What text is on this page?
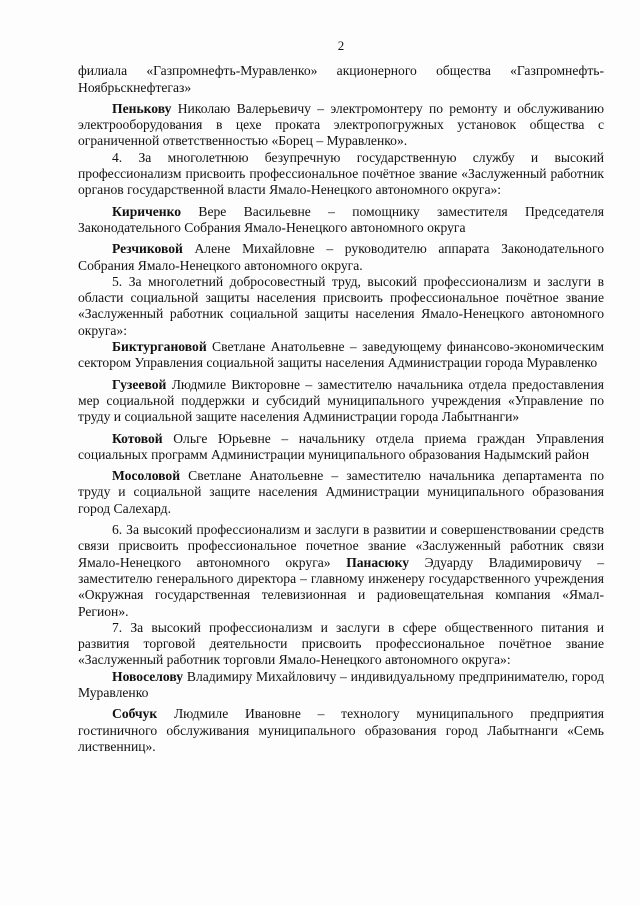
2

филиала «Газпромнефть-Муравленко» акционерного общества «Газпромнефть-Ноябрьскнефтегаз»

Пенькову Николаю Валерьевичу – электромонтеру по ремонту и обслуживанию электрооборудования в цехе проката электропогружных установок общества с ограниченной ответственностью «Борец – Муравленко».

4. За многолетнюю безупречную государственную службу и высокий профессионализм присвоить профессиональное почётное звание «Заслуженный работник органов государственной власти Ямало-Ненецкого автономного округа»:

Кириченко Вере Васильевне – помощнику заместителя Председателя Законодательного Собрания Ямало-Ненецкого автономного округа

Резчиковой Алене Михайловне – руководителю аппарата Законодательного Собрания Ямало-Ненецкого автономного округа.

5. За многолетний добросовестный труд, высокий профессионализм и заслуги в области социальной защиты населения присвоить профессиональное почётное звание «Заслуженный работник социальной защиты населения Ямало-Ненецкого автономного округа»:

Биктургановой Светлане Анатольевне – заведующему финансово-экономическим сектором Управления социальной защиты населения Администрации города Муравленко

Гузеевой Людмиле Викторовне – заместителю начальника отдела предоставления мер социальной поддержки и субсидий муниципального учреждения «Управление по труду и социальной защите населения Администрации города Лабытнанги»

Котовой Ольге Юрьевне – начальнику отдела приема граждан Управления социальных программ Администрации муниципального образования Надымский район

Мосоловой Светлане Анатольевне – заместителю начальника департамента по труду и социальной защите населения Администрации муниципального образования город Салехард.

6. За высокий профессионализм и заслуги в развитии и совершенствовании средств связи присвоить профессиональное почетное звание «Заслуженный работник связи Ямало-Ненецкого автономного округа» Панасюку Эдуарду Владимировичу – заместителю генерального директора – главному инженеру государственного учреждения «Окружная государственная телевизионная и радиовещательная компания «Ямал-Регион».

7. За высокий профессионализм и заслуги в сфере общественного питания и развития торговой деятельности присвоить профессиональное почётное звание «Заслуженный работник торговли Ямало-Ненецкого автономного округа»:

Новоселову Владимиру Михайловичу – индивидуальному предпринимателю, город Муравленко

Собчук Людмиле Ивановне – технологу муниципального предприятия гостиничного обслуживания муниципального образования город Лабытнанги «Семь лиственниц».
